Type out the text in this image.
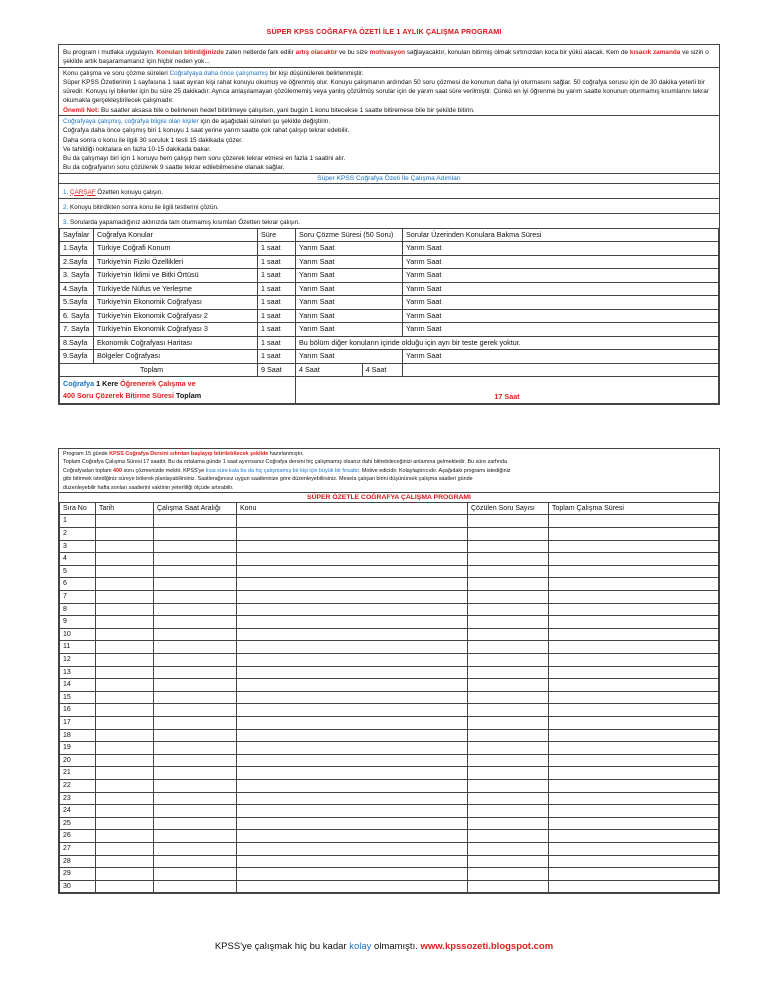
SÜPER KPSS COĞRAFYA ÖZETİ İLE 1 AYLIK ÇALIŞMA PROGRAMI
Bu program i mutlaka uygulayın. Konuları bitirdiğinizde zaten netlerde fark edilir artış olacaktır ve bu size motivasyon sağlayacaktır, konuları bitirmiş olmak sırtınızdan koca bir yükü alacak. Kem de kısacık zamanda ve sizin o şekilde artık başaramamanız için hiçbir neden yok...
Konu çalışma ve soru çözme süreleri Coğrafyaya daha önce çalışmamış bir kişi düşünülerek belirlenmiştir.
Süper KPSS Özetlerinin 1 sayfasına 1 saat ayıran kişi rahat konuyu okumuş ve öğrenmiş olur. Konuyu çalışmanın ardından 50 soru çözmesi de konunun daha iyi oturmasını sağlar. 50 coğrafya sorusu için de 30 dakika yeterli bir süredir. Konuyu iyi bilenler için bu süre 25 dakikadır. Ayrıca anlaşılamayan çözülememiş veya yanlış çözülmüş sorular için de yarım saat süre verilmiştir. Çünkü en iyi öğrenme bu yarım saatte konunun oturmamış kısımlarını tekrar okumakla gerçekleştirilecek çalışmadır.
Önemli Not: Bu saatler aksasa bile o belirlenen hedef bitirilmeye çalışılsın, yani bugün 1 konu bitecekse 1 saatte bitiremese bile bir şekilde bitirin.
Coğrafyaya çalışmış, coğrafya bilgisi olan kişiler için de aşağıdaki süreleri şu şekilde değiştirin.
Coğrafya daha önce çalışmış biri 1 konuyu 1 saat yerine yarım saatte çok rahat çalışıp tekrar edebilir.
Daha sonra o konu ile ilgili 30 soruluk 1 testi 15 dakikada çözer.
Ve tahildiği noktalara en fazla 10-15 dakikada bakar.
Bu da çalışmayı biri için 1 konuyu hem çalışıp hem soru çözerek tekrar etmesi en fazla 1 saatini alır.
Bu da coğrafyanın soru çözülerek 9 saatte tekrar edilebilmesine olanak sağlar.
Süper KPSS Coğrafya Özeti İle Çalışma Adımları
1. ÇARŞAF Özetten konuyu çalışın.
2. Konuyu bitirdikten sonra konu ile ilgili testlerini çözün.
3. Sorularda yapamadığınız aklınızda tam oturmamış kısımları Özetten tekrar çalışın.
Sayfalar	Coğrafya Konular	Süre	Soru Çözme Süresi (50 Soru)		Sorular Üzerinden Konulara Bakma Süresi
1.Sayfa	Türkiye Coğrafi Konum	1 saat	Yarım Saat		Yarım Saat
2.Sayfa	Türkiye'nin Fiziki Özellikleri	1 saat	Yarım Saat		Yarım Saat
3. Sayfa	Türkiye'nin İklimi ve Bitki Örtüsü	1 saat	Yarım Saat		Yarım Saat
4.Sayfa	Türkiye'de Nüfus ve Yerleşme	1 saat	Yarım Saat		Yarım Saat
5.Sayfa	Türkiye'nin Ekonomik Coğrafyası	1 saat	Yarım Saat		Yarım Saat
6. Sayfa	Türkiye'nin Ekonomik Coğrafyası 2	1 saat	Yarım Saat		Yarım Saat
7. Sayfa	Türkiye'nin Ekonomik Coğrafyası 3	1 saat	Yarım Saat		Yarım Saat
8.Sayfa	Ekonomik Coğrafyası Haritası	1 saat	Bu bölüm diğer konuların içinde olduğu için ayrı bir teste gerek yoktur.		
9.Sayfa	Bölgeler Coğrafyası	1 saat	Yarım Saat		Yarım Saat
Toplam		9 Saat	4 Saat	4 Saat	
Coğrafya 1 Kere Öğrenerek Çalışma ve
400 Soru Çözerek Bitirme Süresi Toplam			17 Saat		
Program 15 günde KPSS Coğrafya Dersini sıfırdan başlayıp bitirilebilecek şekilde hazırlanmıştır.
Toplam Coğrafya Çalışma Süresi 17 saattir. Bu da ortalama günde 1 saat ayırırsanız Coğrafya dersini hiç çalışmamış olsanız dahi bitirebileceğinizi anlamına gelmektedir. Bu süre zarfında
Coğrafyadan toplam 400 soru çözmenizde mektir. KPSS'ye kısa süre kala bu da hiç çalışmamış bir kişi için büyük bir fırsattır. Motive edicidir. Kolaylaştırıcıdır. Aşağıdaki programı istediğiniz
gibi bitirmek istediğiniz süreye bölerek planlayabilirsiniz. Saatlerağınısız uygun saatlerinize göre düzenleyebilirsiniz. Mesela çalışan birini düşünürsek çalışma saatleri günde
düzenleyebilir hafta sonları saatlerini vaktinin yeterliliği ölçüde artırabilir.
SÜPER ÖZETLE COĞRAFYA ÇALIŞMA PROGRAMI
Sıra No	Tarih	Çalışma Saat Aralığı	Konu	Çözülen Soru Sayısı	Toplam Çalışma Süresi
1					
2					
3					
4					
5					
6					
7					
8					
9					
10					
11					
12					
13					
14					
15					
16					
17					
18					
19					
20					
21					
22					
23					
24					
25					
26					
27					
28					
29					
30					
KPSS'ye çalışmak hiç bu kadar kolay olmamıştı. www.kpssozeti.blogspot.com
